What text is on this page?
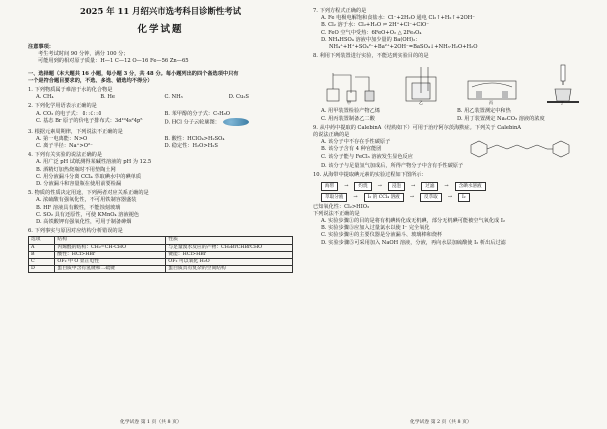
2025 年 11 月绍兴市选考科目诊断性考试
化学试题
注意事项：
考生考试时间 90 分钟，满分 100 分；
可能用到的相对原子质量：H—1 C—12 O—16 Fe—56 Zn—65
一、选择题（本大题共 16 小题，每小题 3 分，共 48 分。每小题列出的四个备选项中只有
一个是符合题目要求的，不选、多选、错选均不得分）
1. 下列物质属于难溶于水的化合物是
A. CH₄	B. He	C. NH₃	D. Cu₂S
2. 下列化学用语表示正确的是
A. CO₂ 的电子式： Ö::C::Ö	B. 苯甲醇的分子式：C₇H₈O
C. 基态 Br 原子的价电子排布式：3d¹⁰4s²4p⁵	D. HCl 分子云轮廓图：
3. 根据元素周期律，下列说法不正确的是
A. 第一电离能：N>O	B. 酸性：HClO₄>H₂SO₄
C. 离子半径：Na⁺>O²⁻	D. 稳定性：H₂O>H₂S
4. 下列有关实验的说法正确的是
A. 用广泛 pH 试纸测得某碱性溶液的 pH 为 12.5
B. 酒精灯加热烧瓶时不用垫陶土网
C. 用分液漏斗分离 CCl₄ 萃取碘水中的碘单质
D. 分液漏斗和容量瓶在使用前要检漏
5. 物质的性质决定用途，下列两者对应关系正确的是
A. 浓硫酸有强氧化性，不可用铁制容器盛装
B. HF 溶液具有酸性，不能蚀刻玻璃
C. SO₂ 具有还原性，可使 KMnO₄ 溶液褪色
D. 高铁酸钾有强氧化性，可用于制备砷烟
6. 下列事实与原因对应结构分析错误的是
选项	结构	性质
A	丙烯醛的结构：CH₂=CH-CHO	与足量溴水反应的产物：CH₂BrCHBrCHO
B	酸性：HCl>HBr	键能：HCl>HBr
C	OF₂ 中 O 显正电性	OF₂ 可以氧化 H₂O
D	蛋白质中含有氢键和二硫键	蛋白质具有复杂的空间结构
化学试卷 第 1 页（共 8 页）
7. 下列方程式正确的是
A. Fe 电极电解饱和食盐水：Cl⁻+2H₂O 通电 Cl₂↑+H₂↑+2OH⁻
B. Cl₂ 溶于水：Cl₂+H₂O ⇌ 2H⁺+Cl⁻+ClO⁻
C. FeO 空气中受热：6FeO+O₂ △ 2Fe₃O₄
D. NH₄HSO₄ 溶液中加少量的 Ba(OH)₂：
NH₄⁺+H⁺+SO₄²⁻+Ba²⁺+2OH⁻=BaSO₄↓+NH₃·H₂O+H₂O
8. 利用下列装置进行实验，不能达到实验目的的是
甲	乙	丙	丁
A. 用甲装置检验产物乙烯	B. 用乙装置测定中和热
C. 用丙装置制备乙二酸	D. 用丁装置测定 Na₂CO₃ 溶液的浓度
9. 从中药中提取的 CalebinA（结构如下）可用于治疗阿尔茨海默症。下列关于 CalebinA
的说法正确的是
A. 该分子中不存在手性碳原子
B. 该分子含有 4 种官能团
C. 该分子能与 FeCl₃ 溶液发生显色反应
D. 该分子与足量氢气加成后，所得产物分子中含有手性碳原子
10. 从海带中提取碘元素的实验过程如下图所示：
海带	→	灼烧	→	浸泡	→	过滤	→	含碘水溶液
萃取分液	→	I₂ 的 CCl₄ 溶液	→	反萃取	→	I₂
已知氧化性：Cl₂>HIO₃
下列说法不正确的是
A. 实验步骤①的目的是将有机碘转化成无机碘，部分无机碘可能被空气氧化成 I₂
B. 实验步骤③应加入过量氯水以使 I⁻ 完全氧化
C. 实验步骤④的主要仪器是分液漏斗、玻璃棒和烧杯
D. 实验步骤⑤可采用加入 NaOH 溶液，分液，再向水层加硫酸使 I₂ 析出后过滤
化学试卷 第 2 页（共 8 页）
